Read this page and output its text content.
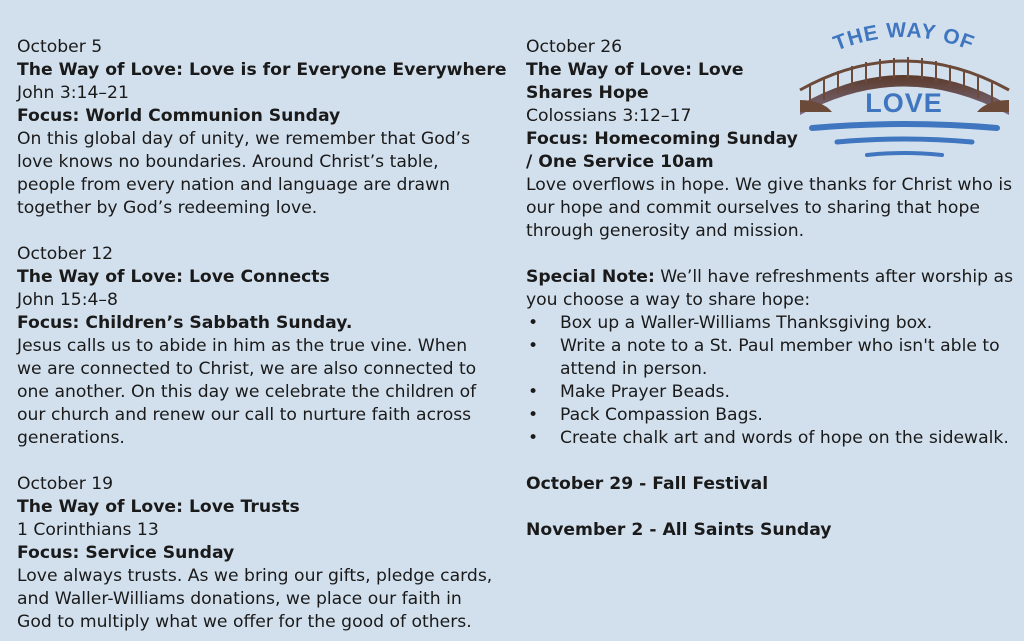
October 5
The Way of Love: Love is for Everyone Everywhere
John 3:14–21
Focus: World Communion Sunday
On this global day of unity, we remember that God’s love knows no boundaries. Around Christ’s table, people from every nation and language are drawn together by God’s redeeming love.
October 12
The Way of Love: Love Connects
John 15:4–8
Focus: Children’s Sabbath Sunday.
Jesus calls us to abide in him as the true vine. When we are connected to Christ, we are also connected to one another. On this day we celebrate the children of our church and renew our call to nurture faith across generations.
October 19
The Way of Love: Love Trusts
1 Corinthians 13
Focus: Service Sunday
Love always trusts. As we bring our gifts, pledge cards, and Waller-Williams donations, we place our faith in God to multiply what we offer for the good of others.
October 26
The Way of Love: Love
Shares Hope
Colossians 3:12–17
Focus: Homecoming Sunday
/ One Service 10am
Love overflows in hope. We give thanks for Christ who is our hope and commit ourselves to sharing that hope through generosity and mission.
Special Note: We’ll have refreshments after worship as you choose a way to share hope:
• Box up a Waller-Williams Thanksgiving box.
• Write a note to a St. Paul member who isn't able to attend in person.
• Make Prayer Beads.
• Pack Compassion Bags.
• Create chalk art and words of hope on the sidewalk.
October 29 - Fall Festival
November 2 - All Saints Sunday
THE WAY OF
LOVE
